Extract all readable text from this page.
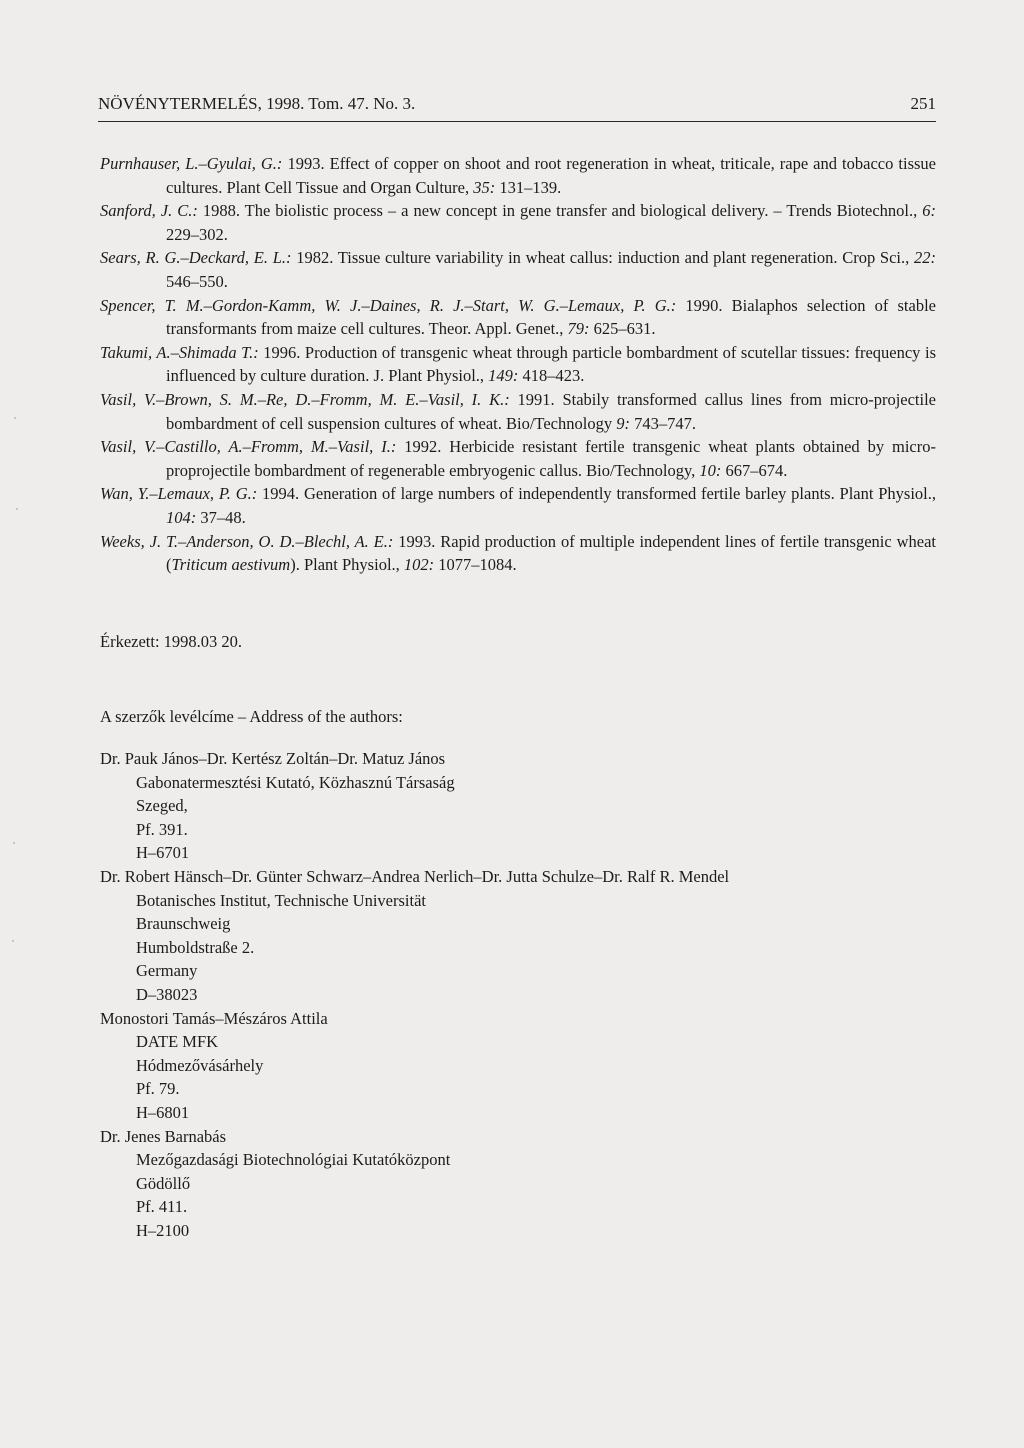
NÖVÉNYTERMELÉS, 1998. Tom. 47. No. 3.	251

Purnhauser, L.–Gyulai, G.: 1993. Effect of copper on shoot and root regeneration in wheat, triticale, rape and tobacco tissue cultures. Plant Cell Tissue and Organ Culture, 35: 131–139.

Sanford, J. C.: 1988. The biolistic process – a new concept in gene transfer and biological delivery. – Trends Biotechnol., 6: 229–302.

Sears, R. G.–Deckard, E. L.: 1982. Tissue culture variability in wheat callus: induction and plant regeneration. Crop Sci., 22: 546–550.

Spencer, T. M.–Gordon-Kamm, W. J.–Daines, R. J.–Start, W. G.–Lemaux, P. G.: 1990. Bialaphos selection of stable transformants from maize cell cultures. Theor. Appl. Genet., 79: 625–631.

Takumi, A.–Shimada T.: 1996. Production of transgenic wheat through particle bombardment of scutellar tissues: frequency is influenced by culture duration. J. Plant Physiol., 149: 418–423.

Vasil, V.–Brown, S. M.–Re, D.–Fromm, M. E.–Vasil, I. K.: 1991. Stabily transformed callus lines from micro-projectile bombardment of cell suspension cultures of wheat. Bio/Technology 9: 743–747.

Vasil, V.–Castillo, A.–Fromm, M.–Vasil, I.: 1992. Herbicide resistant fertile transgenic wheat plants obtained by micro-proprojectile bombardment of regenerable embryogenic callus. Bio/Technology, 10: 667–674.

Wan, Y.–Lemaux, P. G.: 1994. Generation of large numbers of independently transformed fertile barley plants. Plant Physiol., 104: 37–48.

Weeks, J. T.–Anderson, O. D.–Blechl, A. E.: 1993. Rapid production of multiple independent lines of fertile transgenic wheat (Triticum aestivum). Plant Physiol., 102: 1077–1084.

Érkezett: 1998.03 20.
A szerzők levélcíme – Address of the authors:

Dr. Pauk János–Dr. Kertész Zoltán–Dr. Matuz János

Gabonatermesztési Kutató, Közhasznú Társaság

Szeged,

Pf. 391.

H–6701

Dr. Robert Hänsch–Dr. Günter Schwarz–Andrea Nerlich–Dr. Jutta Schulze–Dr. Ralf R. Mendel

Botanisches Institut, Technische Universität

Braunschweig

Humboldstraße 2.

Germany

D–38023

Monostori Tamás–Mészáros Attila

DATE MFK

Hódmezővásárhely

Pf. 79.

H–6801

Dr. Jenes Barnabás

Mezőgazdasági Biotechnológiai Kutatóközpont

Gödöllő

Pf. 411.

H–2100
